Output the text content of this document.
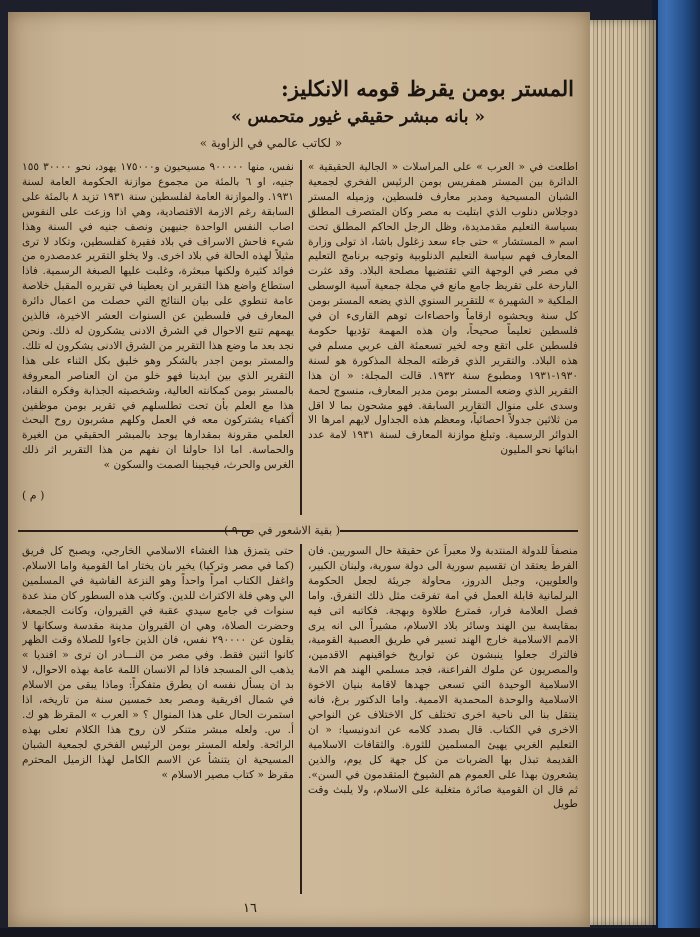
المستر بومن يقرظ قومه الانكليز:
« بانه مبشر حقيقي غيور متحمس »
« لكاتب عالمي في الزاوية »
اطلعت في « العرب » على المراسلات « الجالية الحقيقية » الدائرة بين المستر همفريس بومن الرئيس الفخري لجمعية الشبان المسيحية ومدير معارف فلسطين، وزميله المستر دوجلاس دنلوب الذي ابتليت به مصر وكان المتصرف المطلق بسياسة التعليم مقدمديدة، وظل الرجل الحاكم المطلق تحت اسم « المستشار » حتى جاء سعد زغلول باشا، اذ تولى وزارة المعارف فهم سياسة التعليم الدنلوبية وتوجيه برنامج التعليم في مصر في الوجهة التي تقتضيها مصلحة البلاد. وقد عثرت البارحة على تقريظ جامع مانع في مجلة جمعية آسية الوسطى الملكية « الشهيرة » للتقرير السنوي الذي يضعه المستر بومن كل سنة ويحشوه ارقاماً واحصاءات توهم القارىء ان في فلسطين تعليماً صحيحاً، وان هذه المهمة تؤديها حكومة فلسطين على اتقع وجه لخير تسعمئة الف عربي مسلم في هذه البلاد. والتقرير الذي قرظته المجلة المذكورة هو لسنة ١٩٣٠-١٩٣١ ومطبوع سنة ١٩٣٢. قالت المجلة: « ان هذا التقرير الذي وضعه المستر بومن مدير المعارف، منسوج لحمة وسدى على منوال التقارير السابقة. فهو مشحون بما لا اقل من ثلاثين جدولاً احصائياً، ومعظم هذه الجداول لايهم امرها الا الدوائر الرسمية. وتبلغ موازنة المعارف لسنة ١٩٣١ لامة عدد ابنائها نحو المليون
نفس، منها ٩٠٠٠٠٠ مسيحيون و١٧٥٠٠٠ يهود، نحو ٣٠٠٠٠ ١٥٥ جنيه، او ٦ بالمئة من مجموع موازنة الحكومة العامة لسنة ١٩٣١. والموازنة العامة لفلسطين سنة ١٩٣١ تزيد ٨ بالمئة على السابقة رغم الازمة الاقتصادية، وهي اذا وزعت على النفوس اصاب النفس الواحدة جنيهين ونصف جنيه في السنة وهذا شيء فاحش الاسراف في بلاد فقيرة كفلسطين، وتكاد لا ترى مثيلاً لهذه الحالة في بلاد اخرى. ولا يخلو التقرير عدمصدره من فوائد كثيرة ولكنها مبعثرة، وغلبت عليها الصبغة الرسمية. فاذا استطاع واضع هذا التقرير ان يعطينا في تقريره المقبل خلاصة عامة تنطوي على بيان النتائج التي حصلت من اعمال دائرة المعارف في فلسطين عن السنوات العشر الاخيرة، فالذين يهمهم تتبع الاحوال في الشرق الادنى يشكرون له ذلك. ونحن نجد بعد ما وضع هذا التقرير من الشرق الادنى يشكرون له تلك. والمستر بومن اجدر بالشكر وهو خليق بكل الثناء على هذا التقرير الذي بين ايدينا فهو خلو من ان العناصر المعروفة بالمستر بومن كمكانته العالية، وشخصيته الجذابة وفكره النقاد، هذا مع العلم بأن تحت تطلسلهم في تقرير بومن موظفين أكفياء يشتركون معه في العمل وكلهم مشربون روح البحث العلمي مقرونة بمقدارها يوجد بالمبشر الحقيقي من الغيرة والحماسة. اما اذا حاولنا ان نفهم من هذا التقرير اثر ذلك الغرس والحرث، فيجيبنا الصمت والسكون »
( م )
( بقية الاشعور في ص ٩ )
منصفاً للدولة المنتدبة ولا معبراً عن حقيقة حال السوريين. فان الفرط يعتقد ان تقسيم سورية الى دولة سورية، ولبنان الكبير، والعلويين، وجبل الدروز، محاولة جريئة لجعل الحكومة البرلمانية قابلة العمل في امة تفرقت مثل ذلك التفرق. واما فصل العلامة فرار، فمترع طلاوة وبهجة. فكاتبه اتى فيه بمقايسة بين الهند وسائر بلاد الاسلام، مشيراً الى انه يرى الامم الاسلامية خارج الهند تسير في طريق العصبية القومية، فالترك جعلوا ينبشون عن تواريخ خواقينهم الاقدمين، والمصريون عن ملوك الفراعنة، فجد مسلمي الهند هم الامة الاسلامية الوحيدة التي تسعى جهدها لاقامة بنيان الاخوة الاسلامية والوحدة المحمدية الاممية. واما الدكتور برغ، فانه ينتقل بنا الى ناحية اخرى تختلف كل الاختلاف عن النواحي الاخرى في الكتاب. قال بصدد كلامه عن اندونيسيا: « ان التعليم الغربي يهيئ المسلمين للثورة. والثقافات الاسلامية القديمة تبذل بها الضربات من كل جهة كل يوم، والذين يشعرون بهذا على العموم هم الشيوخ المتقدمون في السن». ثم قال ان القومية صائرة متغلبة على الاسلام، ولا يلبث وقت طويل
حتى يتمزق هذا الغشاء الاسلامي الخارجي، ويصبح كل فريق (كما في مصر وتركيا) يخير بان يختار اما القومية واما الاسلام. واغفل الكتاب امراً واحداً وهو النزعة الفاشية في المسلمين الي وهي فلة الاكتراث للدين. وكاتب هذه السطور كان منذ عدة سنوات في جامع سيدي عقبة في القيروان، وكانت الجمعة، وحضرت الصلاة، وهي ان القيروان مدينة مقدسة وسكانها لا يقلون عن ٢٩٠٠٠٠ نفس، فان الذين جاءوا للصلاة وقت الظهر كانوا اثنين فقط. وفي مصر من النـــادر ان ترى « افنديا » يذهب الى المسجد فاذا لم الانسان اللمة عامة بهذه الاحوال، لا بد ان يسأل نفسه ان يطرق متفكراً: وماذا يبقى من الاسلام في شمال افريقية ومصر بعد خمسين سنة من تاريخه، اذا استمرت الحال على هذا المنوال ؟ « العرب » المقرظ هو ك. أ. س. ولعله مبشر متنكر لان روح هذا الكلام تعلى بهذه الرائحة. ولعله المستر بومن الرئيس الفخري لجمعية الشبان المسيحية ان يتنشأ عن الاسم الكامل لهذا الزميل المحترم مقرظ « كتاب مصير الاسلام »
١٦
